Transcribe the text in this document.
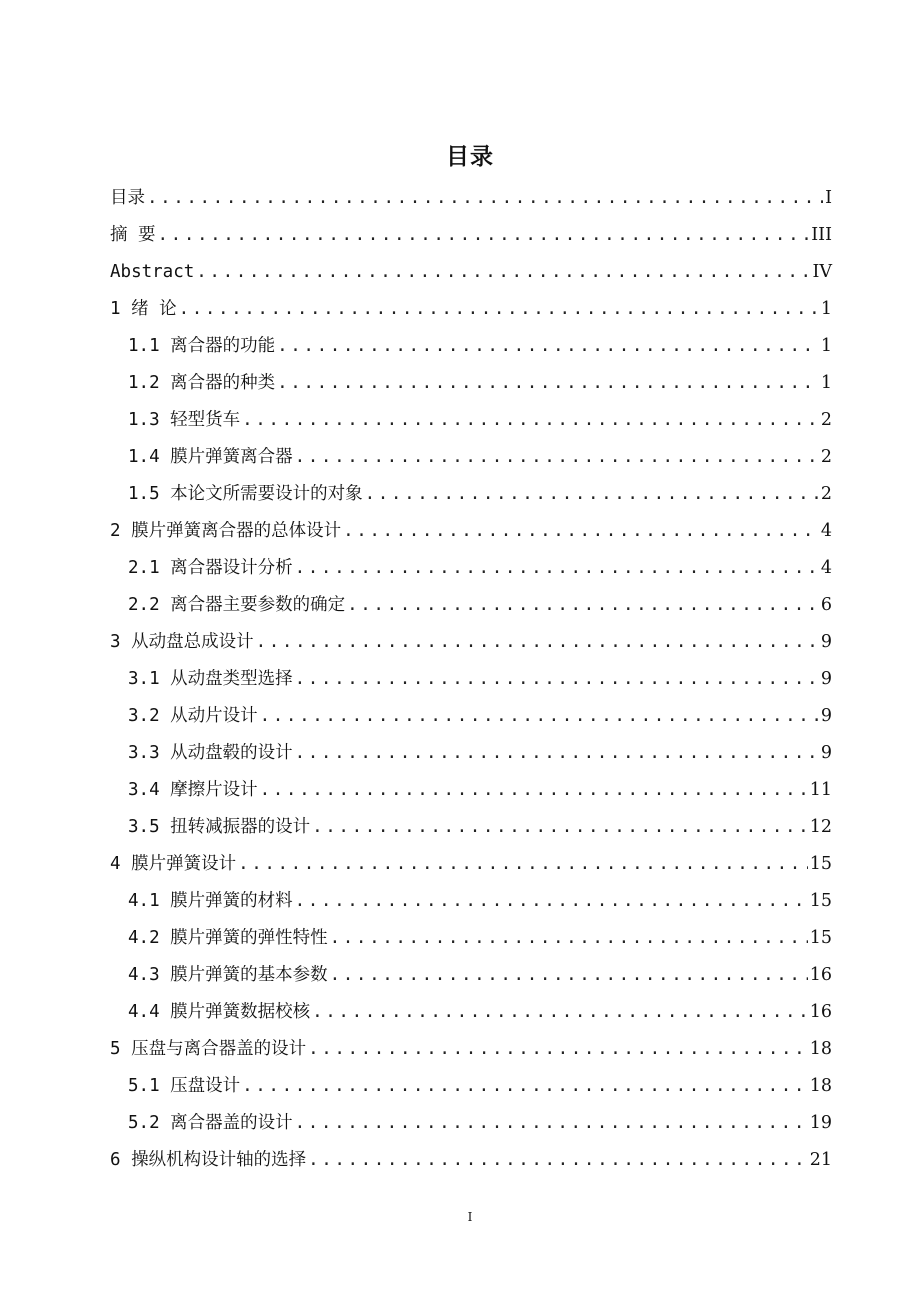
目录
目录 .....	I
摘 要 .....	III
Abstract .....	IV
1 绪 论 .....	1
1.1 离合器的功能 .....	1
1.2 离合器的种类 .....	1
1.3 轻型货车 .....	2
1.4 膜片弹簧离合器 .....	2
1.5 本论文所需要设计的对象 .....	2
2 膜片弹簧离合器的总体设计 .....	4
2.1 离合器设计分析 .....	4
2.2 离合器主要参数的确定 .....	6
3 从动盘总成设计 .....	9
3.1 从动盘类型选择 .....	9
3.2 从动片设计 .....	9
3.3 从动盘毂的设计 .....	9
3.4 摩擦片设计 .....	11
3.5 扭转减振器的设计 .....	12
4 膜片弹簧设计 .....	15
4.1 膜片弹簧的材料 .....	15
4.2 膜片弹簧的弹性特性 .....	15
4.3 膜片弹簧的基本参数 .....	16
4.4 膜片弹簧数据校核 .....	16
5 压盘与离合器盖的设计 .....	18
5.1 压盘设计 .....	18
5.2 离合器盖的设计 .....	19
6 操纵机构设计轴的选择 .....	21
I
